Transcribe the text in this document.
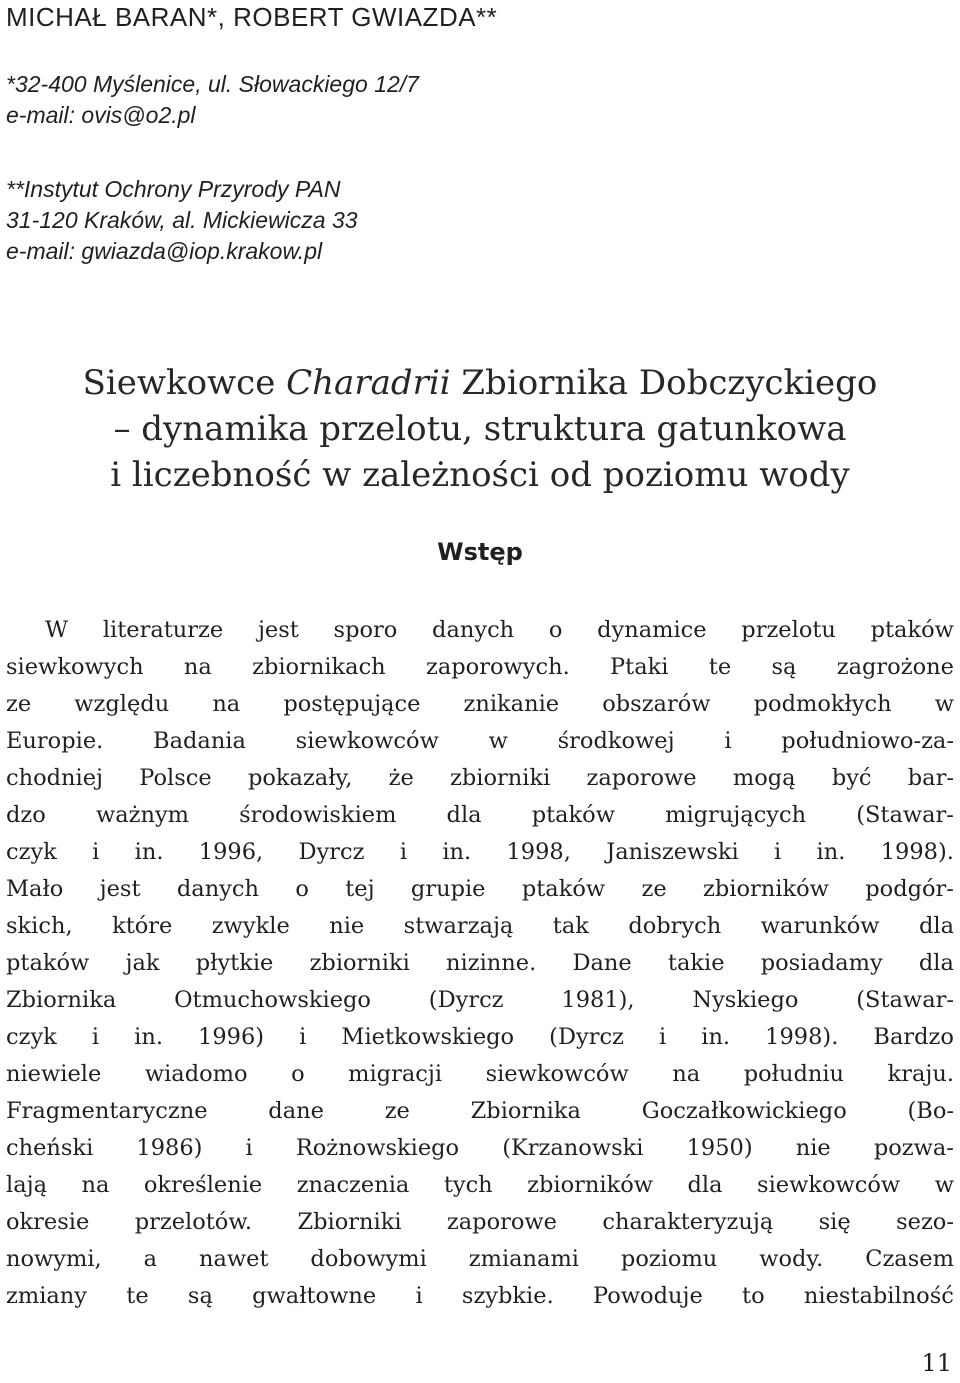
MICHAŁ BARAN*, ROBERT GWIAZDA**
*32-400 Myślenice, ul. Słowackiego 12/7
e-mail: ovis@o2.pl
**Instytut Ochrony Przyrody PAN
31-120 Kraków, al. Mickiewicza 33
e-mail: gwiazda@iop.krakow.pl
Siewkowce Charadrii Zbiornika Dobczyckiego
– dynamika przelotu, struktura gatunkowa
i liczebność w zależności od poziomu wody
Wstęp
W literaturze jest sporo danych o dynamice przelotu ptaków
siewkowych na zbiornikach zaporowych. Ptaki te są zagrożone
ze względu na postępujące znikanie obszarów podmokłych w
Europie. Badania siewkowców w środkowej i południowo-za-
chodniej Polsce pokazały, że zbiorniki zaporowe mogą być bar-
dzo ważnym środowiskiem dla ptaków migrujących (Stawar-
czyk i in. 1996, Dyrcz i in. 1998, Janiszewski i in. 1998).
Mało jest danych o tej grupie ptaków ze zbiorników podgór-
skich, które zwykle nie stwarzają tak dobrych warunków dla
ptaków jak płytkie zbiorniki nizinne. Dane takie posiadamy dla
Zbiornika	Otmuchowskiego	(Dyrcz	1981),	Nyskiego	(Stawar-
czyk i in. 1996) i Mietkowskiego (Dyrcz i in. 1998). Bardzo
niewiele wiadomo o migracji siewkowców na południu kraju.
Fragmentaryczne	dane	ze	Zbiornika	Goczałkowickiego	(Bo-
cheński 1986) i Rożnowskiego (Krzanowski 1950) nie pozwa-
lają na określenie znaczenia tych zbiorników dla siewkowców w
okresie przelotów. Zbiorniki zaporowe charakteryzują się sezo-
nowymi, a nawet dobowymi zmianami poziomu wody. Czasem
zmiany te są gwałtowne i szybkie. Powoduje to niestabilność
11
